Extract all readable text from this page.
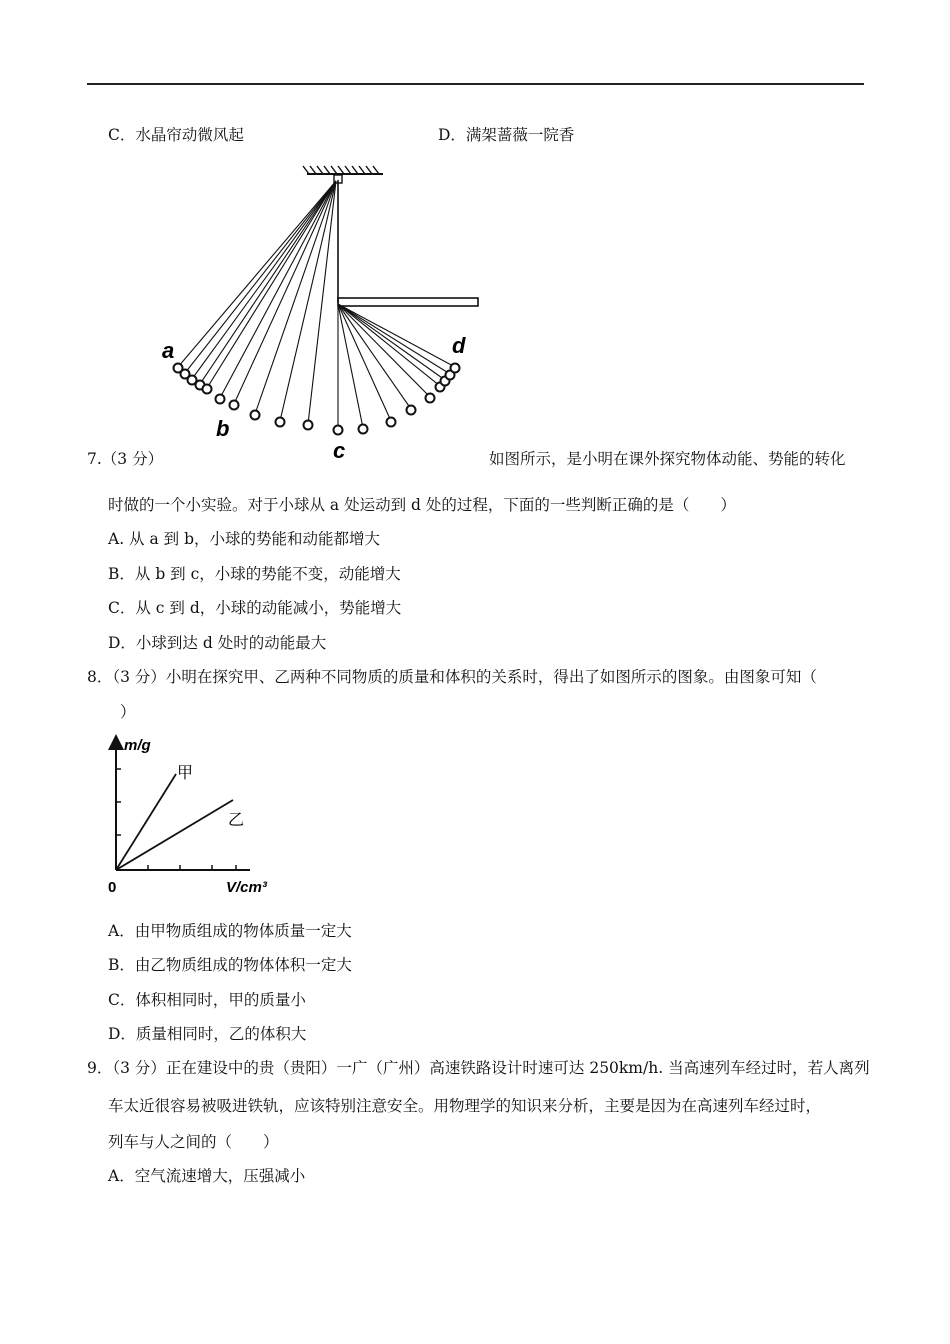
C．水晶帘动微风起	D．满架蔷薇一院香
a
b
c
d
7.（3 分）	如图所示，是小明在课外探究物体动能、势能的转化
时做的一个小实验。对于小球从 a 处运动到 d 处的过程，下面的一些判断正确的是（　　）
A. 从 a 到 b，小球的势能和动能都增大
B．从 b 到 c，小球的势能不变，动能增大
C．从 c 到 d，小球的动能减小，势能增大
D．小球到达 d 处时的动能最大
8．（3 分）小明在探究甲、乙两种不同物质的质量和体积的关系时，得出了如图所示的图象。由图象可知（
）
m/g
甲
乙
0	V/cm³
A．由甲物质组成的物体质量一定大
B．由乙物质组成的物体体积一定大
C．体积相同时，甲的质量小
D．质量相同时，乙的体积大
9．（3 分）正在建设中的贵（贵阳）一广（广州）高速铁路设计时速可达 250km/h. 当高速列车经过时，若人离列
车太近很容易被吸进铁轨，应该特别注意安全。用物理学的知识来分析，主要是因为在高速列车经过时，
列车与人之间的（　　）
A．空气流速增大，压强减小
